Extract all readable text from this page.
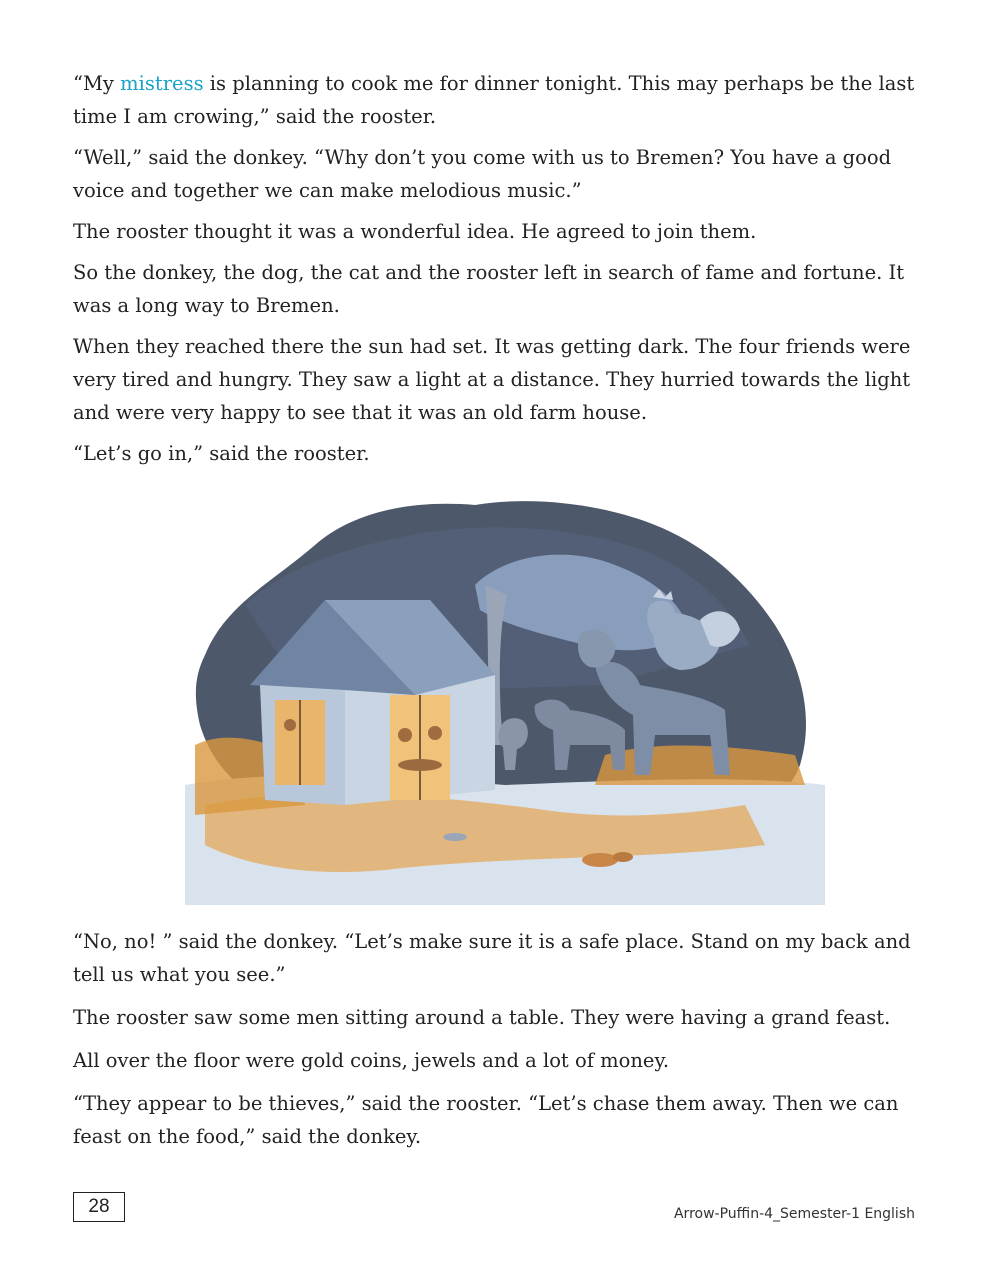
“My mistress is planning to cook me for dinner tonight. This may perhaps be the last time I am crowing,” said the rooster.

“Well,” said the donkey. “Why don’t you come with us to Bremen? You have a good voice and together we can make melodious music.”

The rooster thought it was a wonderful idea. He agreed to join them.

So the donkey, the dog, the cat and the rooster left in search of fame and fortune. It was a long way to Bremen.

When they reached there the sun had set. It was getting dark. The four friends were very tired and hungry. They saw a light at a distance. They hurried towards the light and were very happy to see that it was an old farm house.

“Let’s go in,” said the rooster.

“No, no! ” said the donkey. “Let’s make sure it is a safe place. Stand on my back and tell us what you see.”

The rooster saw some men sitting around a table. They were having a grand feast.

All over the floor were gold coins, jewels and a lot of money.

“They appear to be thieves,” said the rooster. “Let’s chase them away. Then we can feast on the food,” said the donkey.

28	Arrow-Puffin-4_Semester-1 English
